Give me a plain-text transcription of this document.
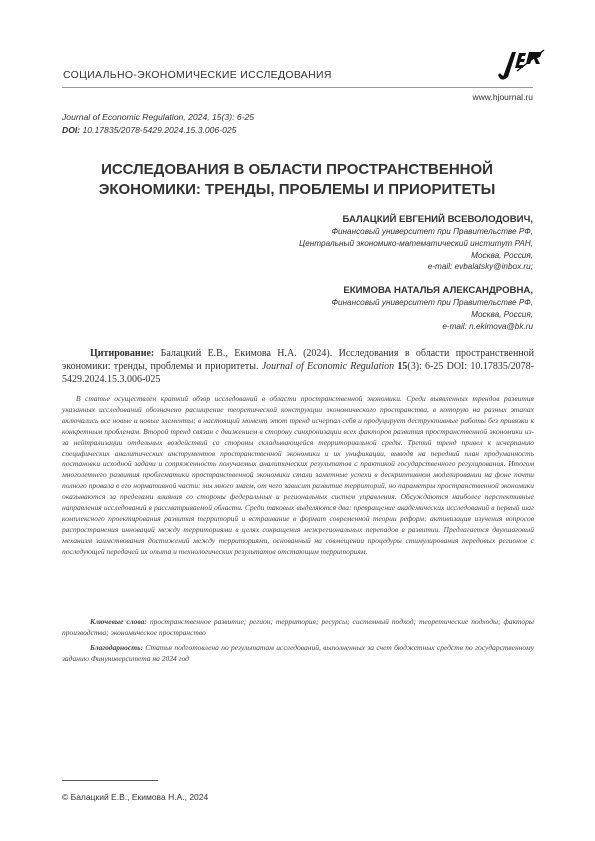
СОЦИАЛЬНО-ЭКОНОМИЧЕСКИЕ ИССЛЕДОВАНИЯ
J
www.hjournal.ru
Journal of Economic Regulation, 2024, 15(3): 6-25
DOI: 10.17835/2078-5429.2024.15.3.006-025
ИССЛЕДОВАНИЯ В ОБЛАСТИ ПРОСТРАНСТВЕННОЙ ЭКОНОМИКИ: ТРЕНДЫ, ПРОБЛЕМЫ И ПРИОРИТЕТЫ
БАЛАЦКИЙ ЕВГЕНИЙ ВСЕВОЛОДОВИЧ,
Финансовый университет при Правительстве РФ,
Центральный экономико-математический институт РАН,
Москва, Россия,
e-mail: evbalatsky@inbox.ru;
ЕКИМОВА НАТАЛЬЯ АЛЕКСАНДРОВНА,
Финансовый университет при Правительстве РФ,
Москва, Россия,
e-mail: n.ekimova@bk.ru
Цитирование: Балацкий Е.В., Екимова Н.А. (2024). Исследования в области пространственной экономики: тренды, проблемы и приоритеты. Journal of Economic Regulation 15(3): 6-25 DOI: 10.17835/2078-5429.2024.15.3.006-025
В статье осуществлен краткий обзор исследований в области пространственной экономики. Среди выявленных трендов развития указанных исследований обозначено расширение теоретической конструкции экономического пространства, в которую на разных этапах включались все новые и новые элементы; в настоящий момент этот тренд исчерпал себя и продуцирует деструктивные работы без привязки к конкретным проблемам. Второй тренд связан с движением в сторону синхронизации всех факторов развития пространственной экономики из-за нейтрализации отдельных воздействий со стороны складывающейся территориальной среды. Третий тренд привел к исчерпанию специфических аналитических инструментов пространственной экономики и их унификации, выводя на передний план продуманность постановки исходной задачи и сопряженность получаемых аналитических результатов с практикой государственного регулирования. Итогом многолетнего развития проблематики пространственной экономики стали заметные успехи в дескриптивном моделировании на фоне почти полного провала в его нормативной части: мы много знаем, от чего зависит развитие территорий, но параметры пространственной экономики оказываются за пределами влияния со стороны федеральных и региональных систем управления. Обсуждаются наиболее перспективные направления исследований в рассматриваемой области. Среди таковых выделяются два: превращение академических исследований в первый шаг комплексного проектирования развития территорий и встраивание в формат современной теории реформ; активизация изучения вопросов распространения инноваций между территориями в целях сокращения межрегиональных перепадов в развитии. Предлагается двухшаговый механизм заимствования достижений между территориями, основанный на совмещении процедуры стимулирования передовых регионов с последующей передачей их опыта и технологических результатов отстающим территориям.
Ключевые слова: пространственное развитие; регион; территория; ресурсы; системный подход; теоретические подходы; факторы производства; экономическое пространство
Благодарность: Статья подготовлена по результатам исследований, выполненных за счет бюджетных средств по государственному заданию Финуниверситета на 2024 год
© Балацкий Е.В., Екимова Н.А., 2024
